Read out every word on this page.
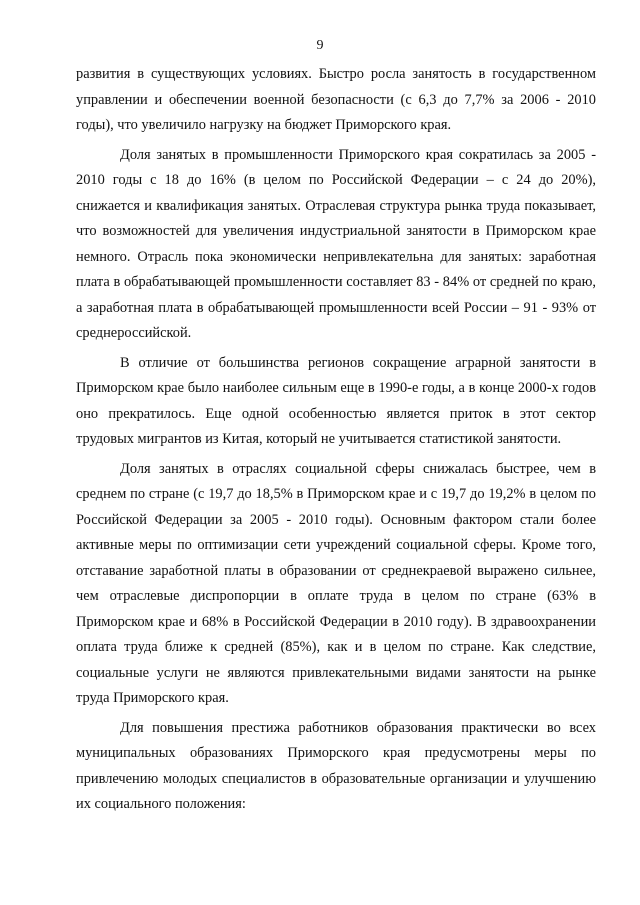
9

развития в существующих условиях. Быстро росла занятость в государственном управлении и обеспечении военной безопасности (с 6,3 до 7,7% за 2006 - 2010 годы), что увеличило нагрузку на бюджет Приморского края.

Доля занятых в промышленности Приморского края сократилась за 2005 - 2010 годы с 18 до 16% (в целом по Российской Федерации – с 24 до 20%), снижается и квалификация занятых. Отраслевая структура рынка труда показывает, что возможностей для увеличения индустриальной занятости в Приморском крае немного. Отрасль пока экономически непривлекательна для занятых: заработная плата в обрабатывающей промышленности составляет 83 - 84% от средней по краю, а заработная плата в обрабатывающей промышленности всей России – 91 - 93% от среднероссийской.

В отличие от большинства регионов сокращение аграрной занятости в Приморском крае было наиболее сильным еще в 1990-е годы, а в конце 2000-х годов оно прекратилось. Еще одной особенностью является приток в этот сектор трудовых мигрантов из Китая, который не учитывается статистикой занятости.

Доля занятых в отраслях социальной сферы снижалась быстрее, чем в среднем по стране (с 19,7 до 18,5% в Приморском крае и с 19,7 до 19,2% в целом по Российской Федерации за 2005 - 2010 годы). Основным фактором стали более активные меры по оптимизации сети учреждений социальной сферы. Кроме того, отставание заработной платы в образовании от среднекраевой выражено сильнее, чем отраслевые диспропорции в оплате труда в целом по стране (63% в Приморском крае и 68% в Российской Федерации в 2010 году). В здравоохранении оплата труда ближе к средней (85%), как и в целом по стране. Как следствие, социальные услуги не являются привлекательными видами занятости на рынке труда Приморского края.

Для повышения престижа работников образования практически во всех муниципальных образованиях Приморского края предусмотрены меры по привлечению молодых специалистов в образовательные организации и улучшению их социального положения:
